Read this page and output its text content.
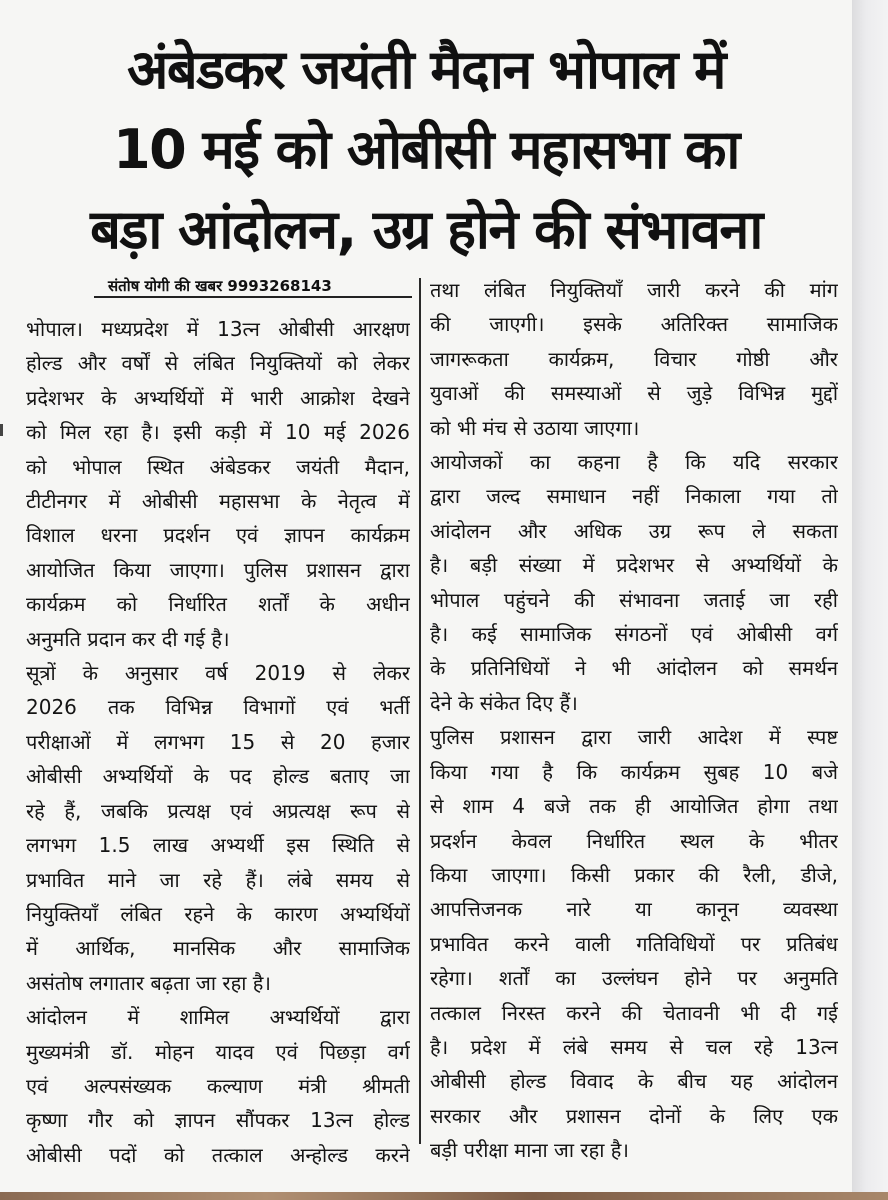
अंबेडकर जयंती मैदान भोपाल में
10 मई को ओबीसी महासभा का
बड़ा आंदोलन, उग्र होने की संभावना
संतोष योगी की खबर 9993268143
भोपाल। मध्यप्रदेश में 13त्न ओबीसी आरक्षण
होल्ड और वर्षों से लंबित नियुक्तियों को लेकर
प्रदेशभर के अभ्यर्थियों में भारी आक्रोश देखने
को मिल रहा है। इसी कड़ी में 10 मई 2026
को भोपाल स्थित अंबेडकर जयंती मैदान,
टीटीनगर में ओबीसी महासभा के नेतृत्व में
विशाल धरना प्रदर्शन एवं ज्ञापन कार्यक्रम
आयोजित किया जाएगा। पुलिस प्रशासन द्वारा
कार्यक्रम को निर्धारित शर्तों के अधीन
अनुमति प्रदान कर दी गई है।
सूत्रों के अनुसार वर्ष 2019 से लेकर
2026 तक विभिन्न विभागों एवं भर्ती
परीक्षाओं में लगभग 15 से 20 हजार
ओबीसी अभ्यर्थियों के पद होल्ड बताए जा
रहे हैं, जबकि प्रत्यक्ष एवं अप्रत्यक्ष रूप से
लगभग 1.5 लाख अभ्यर्थी इस स्थिति से
प्रभावित माने जा रहे हैं। लंबे समय से
नियुक्तियाँ लंबित रहने के कारण अभ्यर्थियों
में आर्थिक, मानसिक और सामाजिक
असंतोष लगातार बढ़ता जा रहा है।
आंदोलन में शामिल अभ्यर्थियों द्वारा
मुख्यमंत्री डॉ. मोहन यादव एवं पिछड़ा वर्ग
एवं अल्पसंख्यक कल्याण मंत्री श्रीमती
कृष्णा गौर को ज्ञापन सौंपकर 13त्न होल्ड
ओबीसी पदों को तत्काल अन्होल्ड करने
तथा लंबित नियुक्तियाँ जारी करने की मांग
की जाएगी। इसके अतिरिक्त सामाजिक
जागरूकता कार्यक्रम, विचार गोष्ठी और
युवाओं की समस्याओं से जुड़े विभिन्न मुद्दों
को भी मंच से उठाया जाएगा।
आयोजकों का कहना है कि यदि सरकार
द्वारा जल्द समाधान नहीं निकाला गया तो
आंदोलन और अधिक उग्र रूप ले सकता
है। बड़ी संख्या में प्रदेशभर से अभ्यर्थियों के
भोपाल पहुंचने की संभावना जताई जा रही
है। कई सामाजिक संगठनों एवं ओबीसी वर्ग
के प्रतिनिधियों ने भी आंदोलन को समर्थन
देने के संकेत दिए हैं।
पुलिस प्रशासन द्वारा जारी आदेश में स्पष्ट
किया गया है कि कार्यक्रम सुबह 10 बजे
से शाम 4 बजे तक ही आयोजित होगा तथा
प्रदर्शन केवल निर्धारित स्थल के भीतर
किया जाएगा। किसी प्रकार की रैली, डीजे,
आपत्तिजनक नारे या कानून व्यवस्था
प्रभावित करने वाली गतिविधियों पर प्रतिबंध
रहेगा। शर्तों का उल्लंघन होने पर अनुमति
तत्काल निरस्त करने की चेतावनी भी दी गई
है। प्रदेश में लंबे समय से चल रहे 13त्न
ओबीसी होल्ड विवाद के बीच यह आंदोलन
सरकार और प्रशासन दोनों के लिए एक
बड़ी परीक्षा माना जा रहा है।
